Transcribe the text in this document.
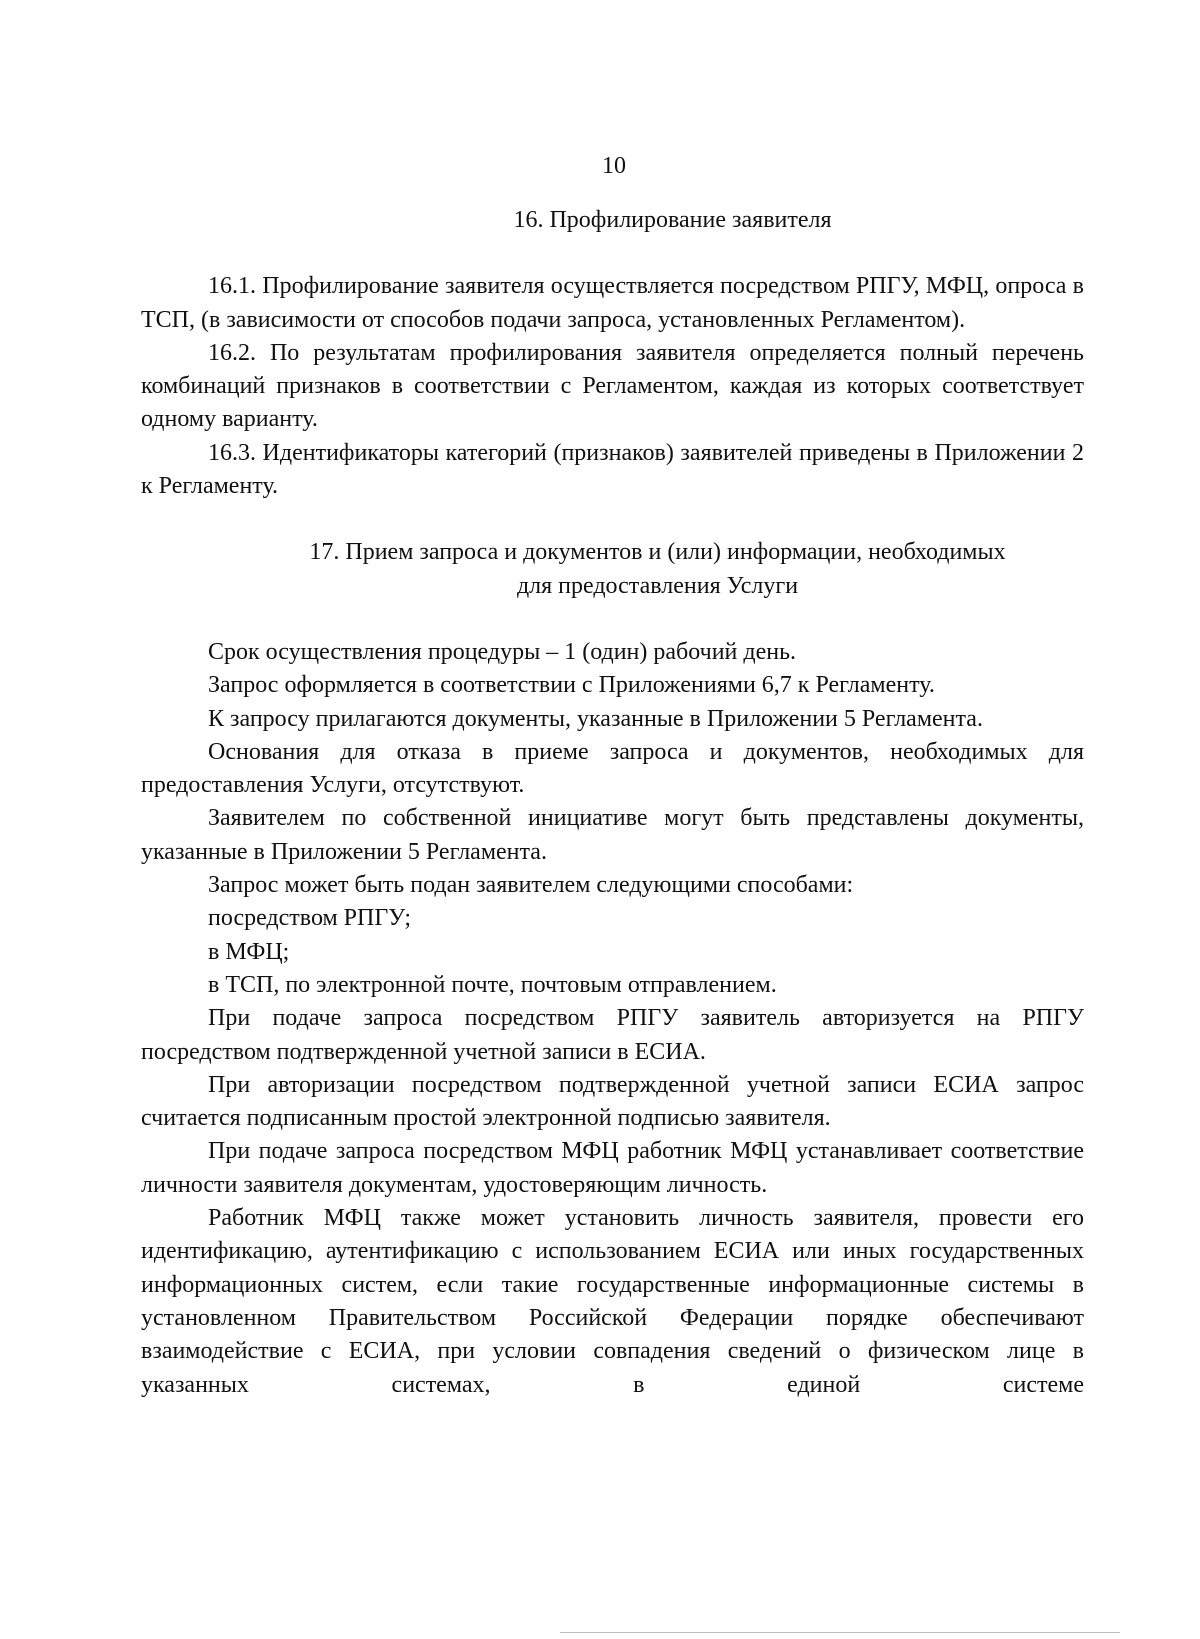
10

16. Профилирование заявителя

16.1. Профилирование заявителя осуществляется посредством РПГУ, МФЦ, опроса в ТСП, (в зависимости от способов подачи запроса, установленных Регламентом).

16.2. По результатам профилирования заявителя определяется полный перечень комбинаций признаков в соответствии с Регламентом, каждая из которых соответствует одному варианту.

16.3. Идентификаторы категорий (признаков) заявителей приведены в Приложении 2 к Регламенту.

17. Прием запроса и документов и (или) информации, необходимых

для предоставления Услуги

Срок осуществления процедуры – 1 (один) рабочий день.

Запрос оформляется в соответствии с Приложениями 6,7 к Регламенту.

К запросу прилагаются документы, указанные в Приложении 5 Регламента.

Основания для отказа в приеме запроса и документов, необходимых для предоставления Услуги, отсутствуют.

Заявителем по собственной инициативе могут быть представлены документы, указанные в Приложении 5 Регламента.

Запрос может быть подан заявителем следующими способами:

посредством РПГУ;

в МФЦ;

в ТСП, по электронной почте, почтовым отправлением.

При подаче запроса посредством РПГУ заявитель авторизуется на РПГУ посредством подтвержденной учетной записи в ЕСИА.

При авторизации посредством подтвержденной учетной записи ЕСИА запрос считается подписанным простой электронной подписью заявителя.

При подаче запроса посредством МФЦ работник МФЦ устанавливает соответствие личности заявителя документам, удостоверяющим личность.

Работник МФЦ также может установить личность заявителя, провести его идентификацию, аутентификацию с использованием ЕСИА или иных государственных информационных систем, если такие государственные информационные системы в установленном Правительством Российской Федерации порядке обеспечивают взаимодействие с ЕСИА, при условии совпадения сведений о физическом лице в указанных системах, в единой системе
